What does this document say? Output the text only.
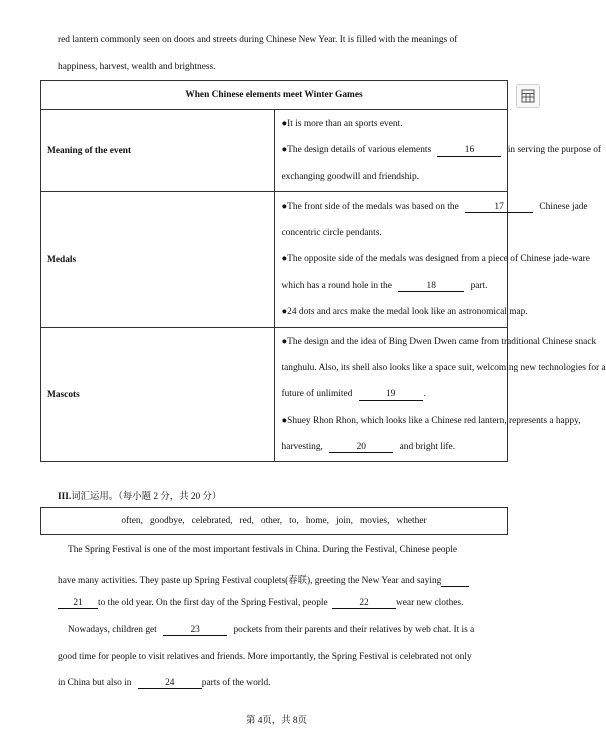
red lantern commonly seen on doors and streets during Chinese New Year. It is filled with the meanings of
happiness, harvest, wealth and brightness.
When Chinese elements meet Winter Games	
Meaning of the event	●It is more than an sports event.
●The design details of various elements 16 in serving the purpose of
exchanging goodwill and friendship.

Medals	●The front side of the medals was based on the 17 Chinese jade
concentric circle pendants.
●The opposite side of the medals was designed from a piece of Chinese jade-ware
which has a round hole in the 18 part.
●24 dots and arcs make the medal look like an astronomical map.

Mascots	●The design and the idea of Bing Dwen Dwen came from traditional Chinese snack
tanghulu. Also, its shell also looks like a space suit, welcoming new technologies for a
future of unlimited 19 .
●Shuey Rhon Rhon, which looks like a Chinese red lantern, represents a happy,
harvesting, 20 and bright life.
III.词汇运用。（每小题 2 分，共 20 分）
often,   goodbye,   celebrated,   red,   other,   to,   home,   join,   movies,   whether
The Spring Festival is one of the most important festivals in China. During the Festival, Chinese people
have many activities. They paste up Spring Festival couplets(春联), greeting the New Year and saying
21 to the old year. On the first day of the Spring Festival, people	22	wear new clothes.
Nowadays, children get	23	pockets from their parents and their relatives by web chat. It is a
good time for people to visit relatives and friends. More importantly, the Spring Festival is celebrated not only
in China but also in	24	parts of the world.
第 4页，共 8页
